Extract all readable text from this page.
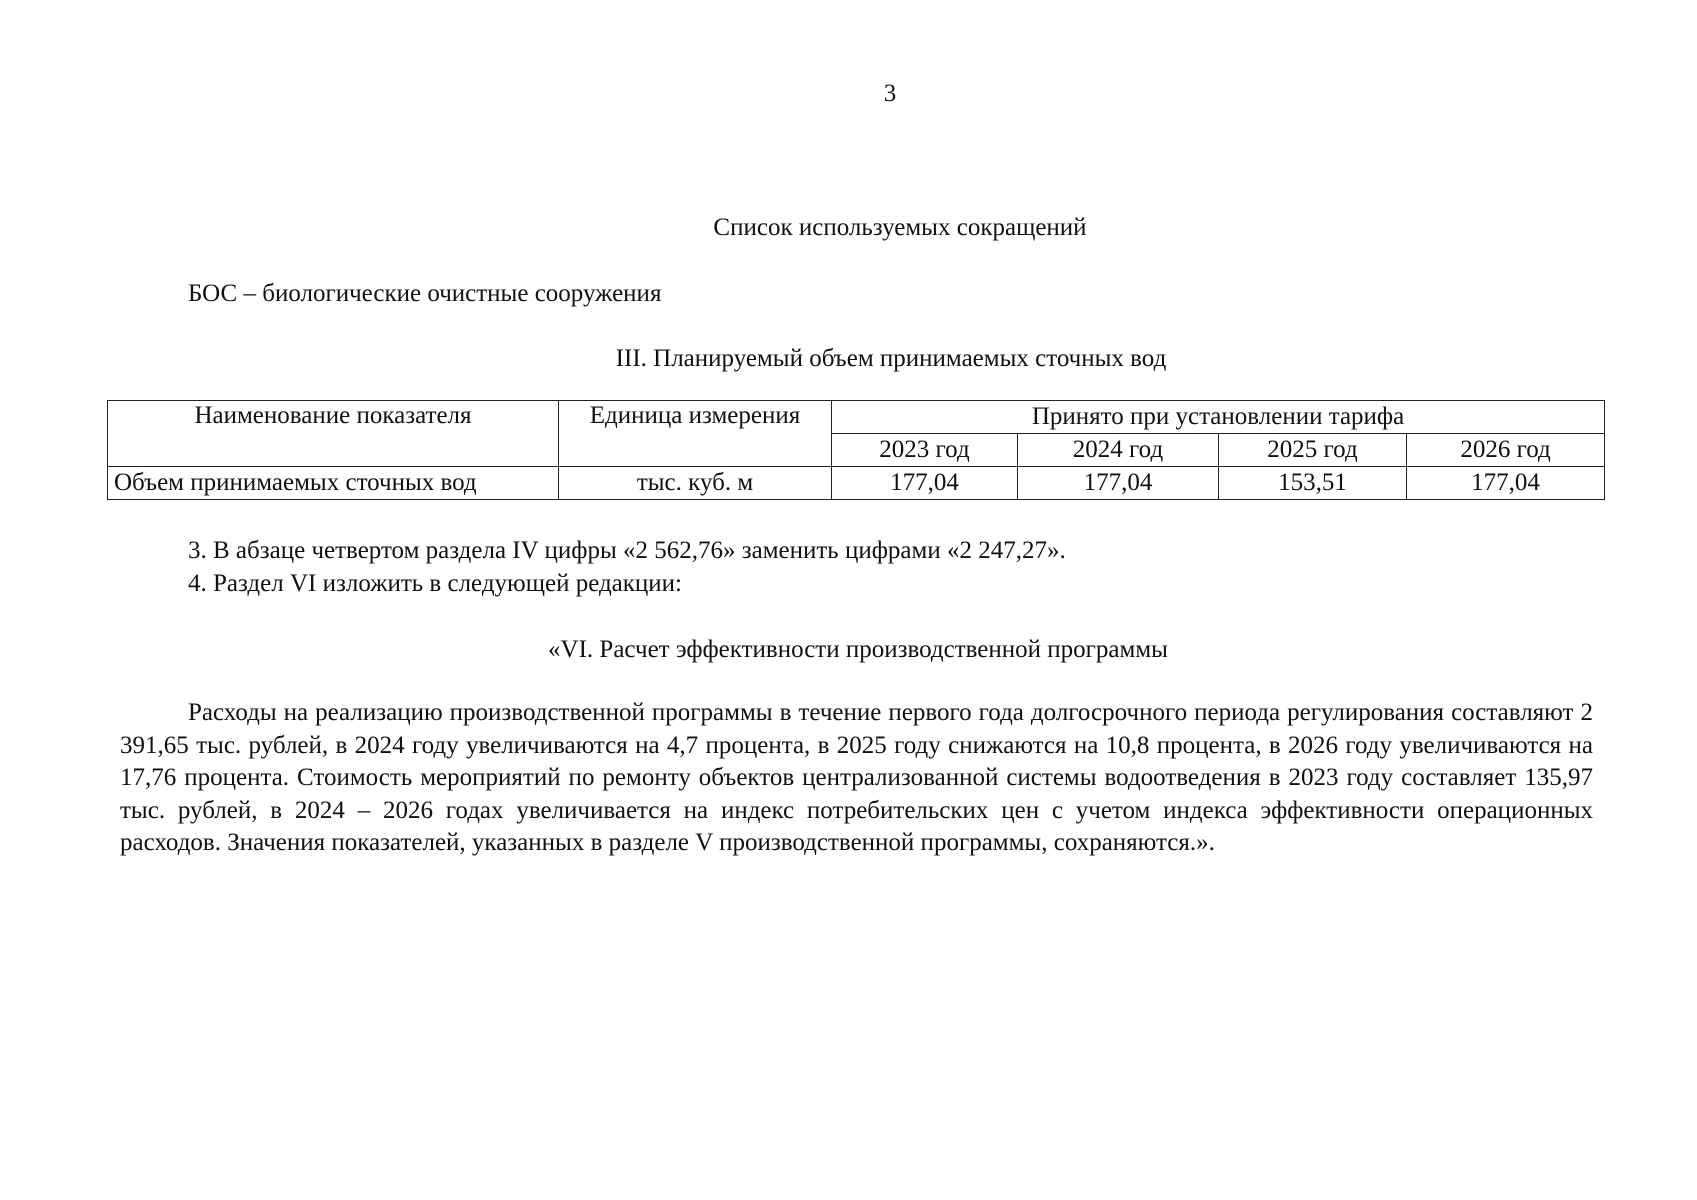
3
Список используемых сокращений
БОС – биологические очистные сооружения
III. Планируемый объем принимаемых сточных вод
Наименование показателя	Единица измерения	Принято при установлении тарифа			
		2023 год	2024 год	2025 год	2026 год
Объем принимаемых сточных вод	тыс. куб. м	177,04	177,04	153,51	177,04
3. В абзаце четвертом раздела IV цифры «2 562,76» заменить цифрами «2 247,27».
4. Раздел VI изложить в следующей редакции:
«VI. Расчет эффективности производственной программы
Расходы на реализацию производственной программы в течение первого года долгосрочного периода регулирования составляют 2 391,65 тыс. рублей, в 2024 году увеличиваются на 4,7 процента, в 2025 году снижаются на 10,8 процента, в 2026 году увеличиваются на 17,76 процента. Стоимость мероприятий по ремонту объектов централизованной системы водоотведения в 2023 году составляет 135,97 тыс. рублей, в 2024 – 2026 годах увеличивается на индекс потребительских цен с учетом индекса эффективности операционных расходов. Значения показателей, указанных в разделе V производственной программы, сохраняются.».
